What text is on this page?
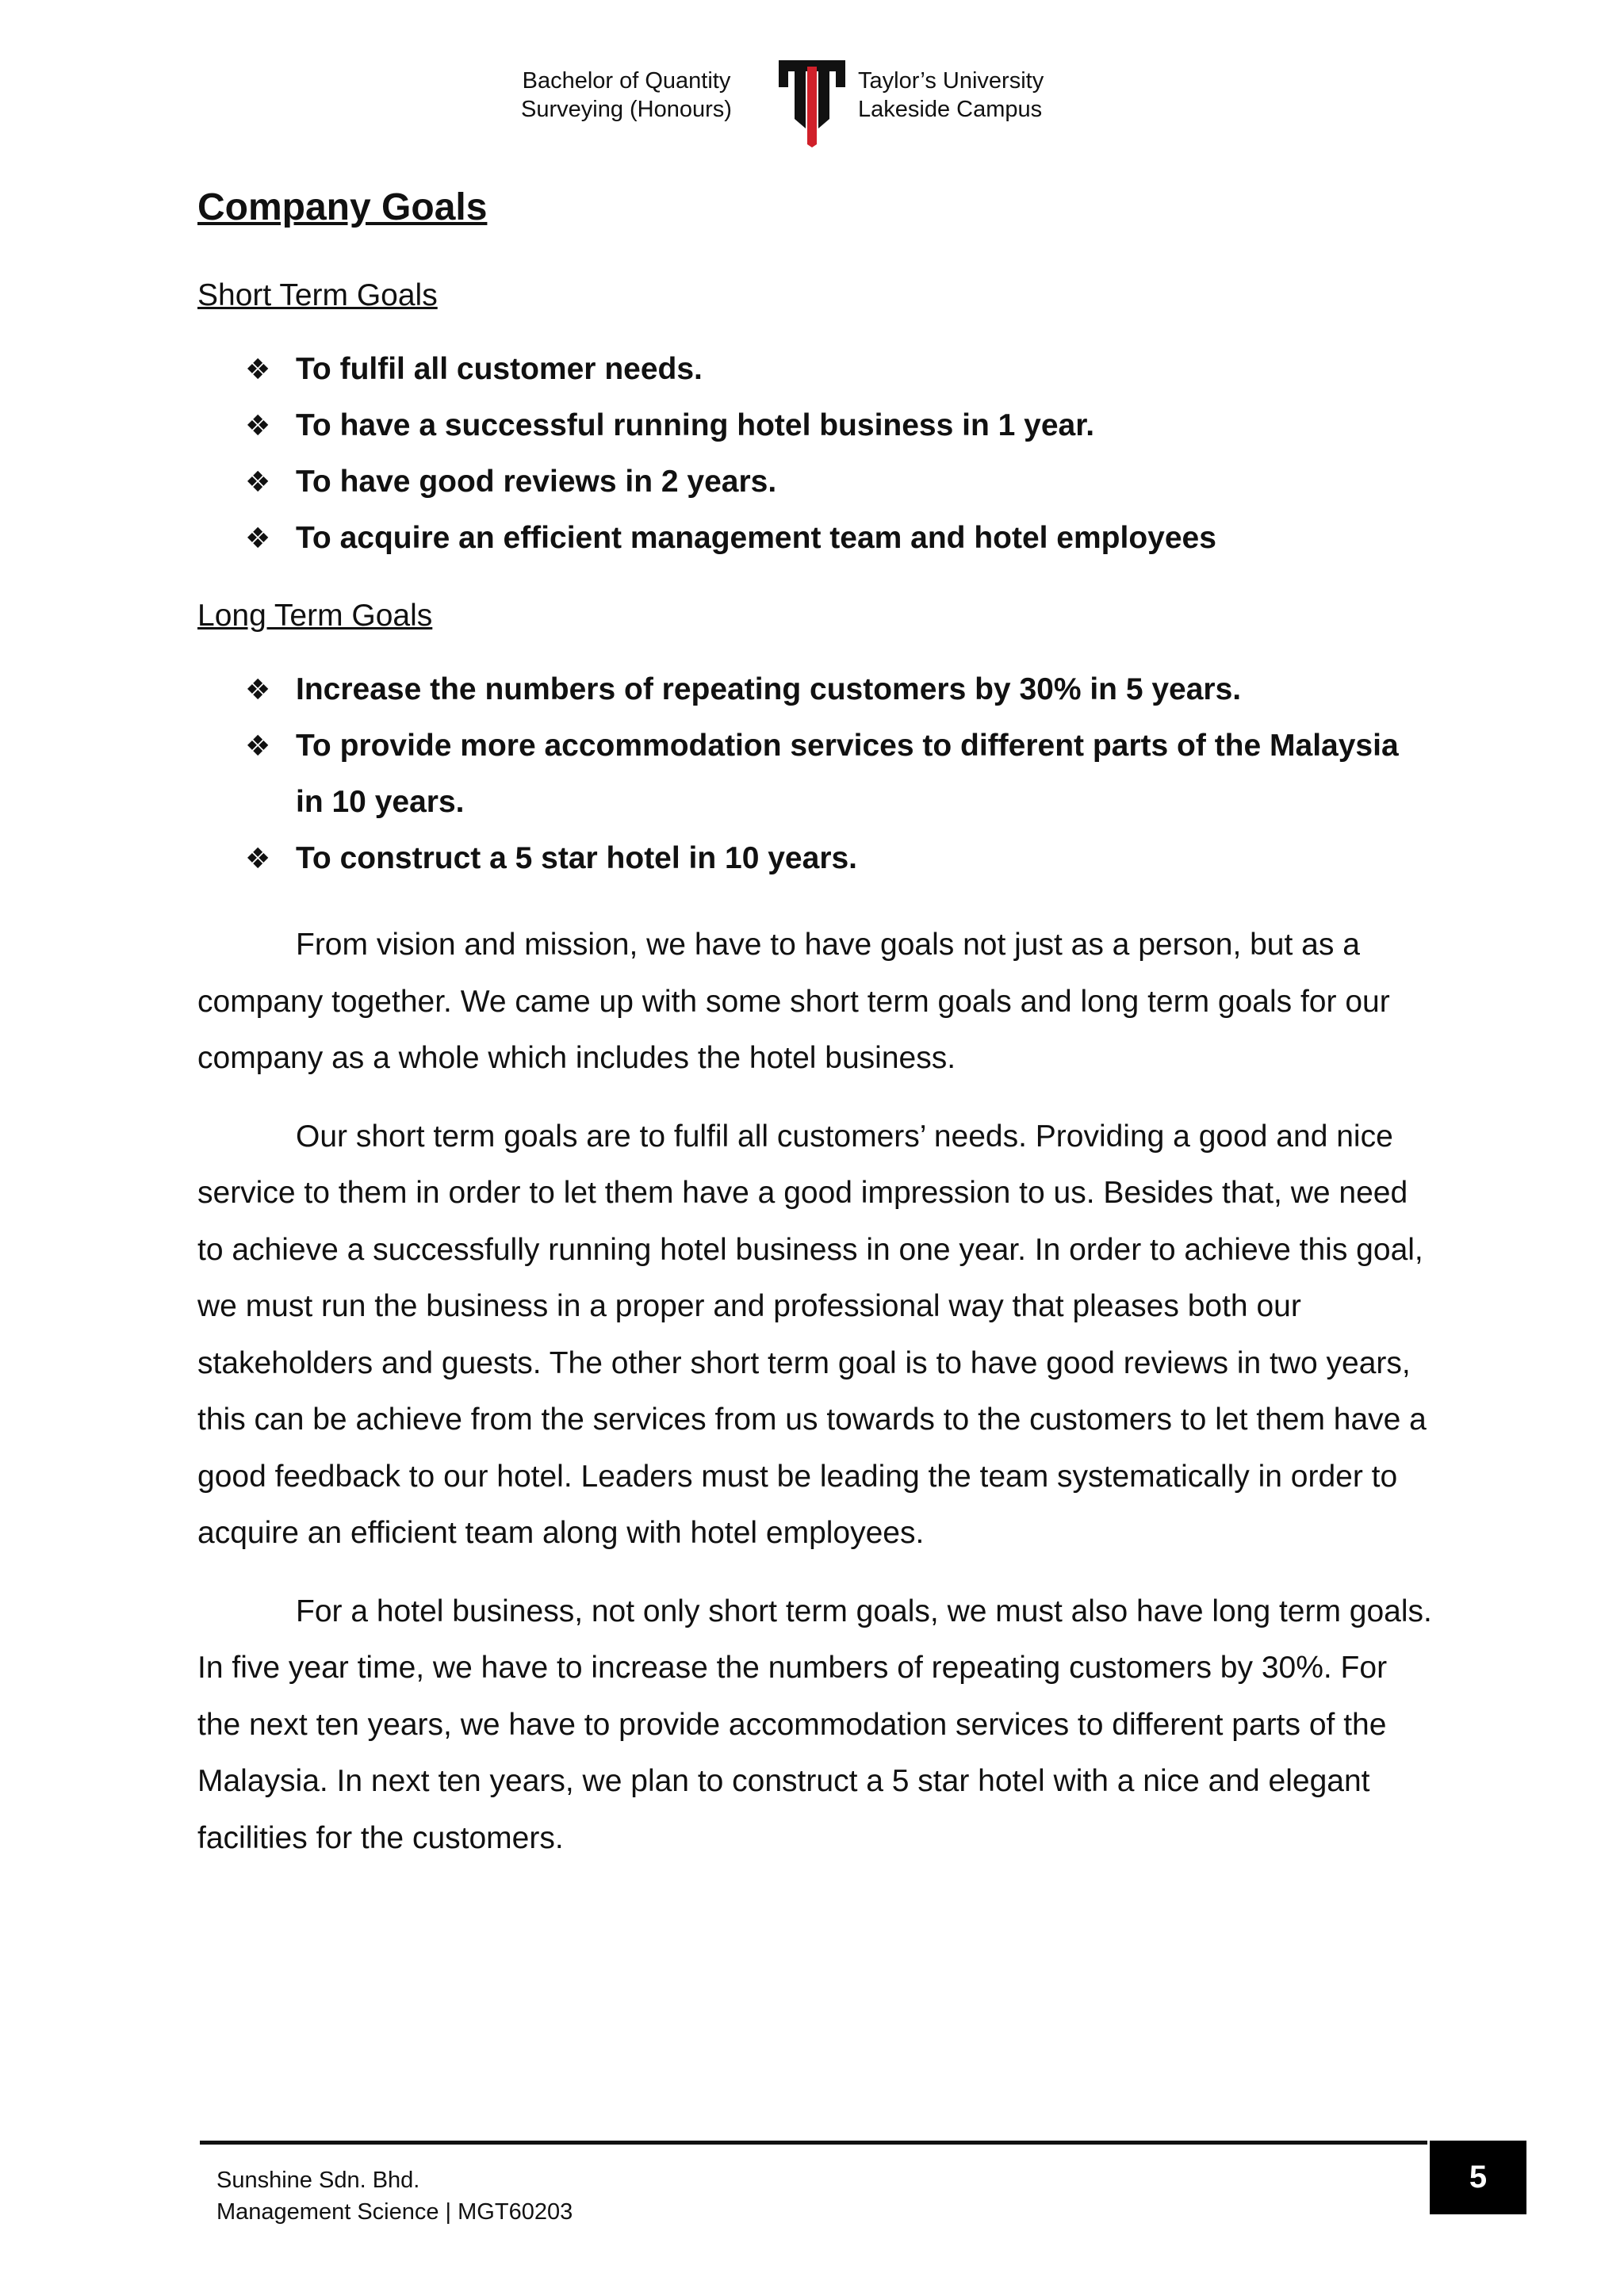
Bachelor of Quantity
Surveying (Honours)
Taylor’s University
Lakeside Campus
Company Goals
Short Term Goals
❖ To fulfil all customer needs.
❖ To have a successful running hotel business in 1 year.
❖ To have good reviews in 2 years.
❖ To acquire an efficient management team and hotel employees
Long Term Goals
❖ Increase the numbers of repeating customers by 30% in 5 years.
❖ To provide more accommodation services to different parts of the Malaysia in 10 years.
❖ To construct a 5 star hotel in 10 years.

From vision and mission, we have to have goals not just as a person, but as a company together. We came up with some short term goals and long term goals for our company as a whole which includes the hotel business.

Our short term goals are to fulfil all customers’ needs. Providing a good and nice service to them in order to let them have a good impression to us. Besides that, we need to achieve a successfully running hotel business in one year. In order to achieve this goal, we must run the business in a proper and professional way that pleases both our stakeholders and guests. The other short term goal is to have good reviews in two years, this can be achieve from the services from us towards to the customers to let them have a good feedback to our hotel. Leaders must be leading the team systematically in order to acquire an efficient team along with hotel employees.

For a hotel business, not only short term goals, we must also have long term goals. In five year time, we have to increase the numbers of repeating customers by 30%. For the next ten years, we have to provide accommodation services to different parts of the Malaysia. In next ten years, we plan to construct a 5 star hotel with a nice and elegant facilities for the customers.

5
Sunshine Sdn. Bhd.
Management Science | MGT60203
